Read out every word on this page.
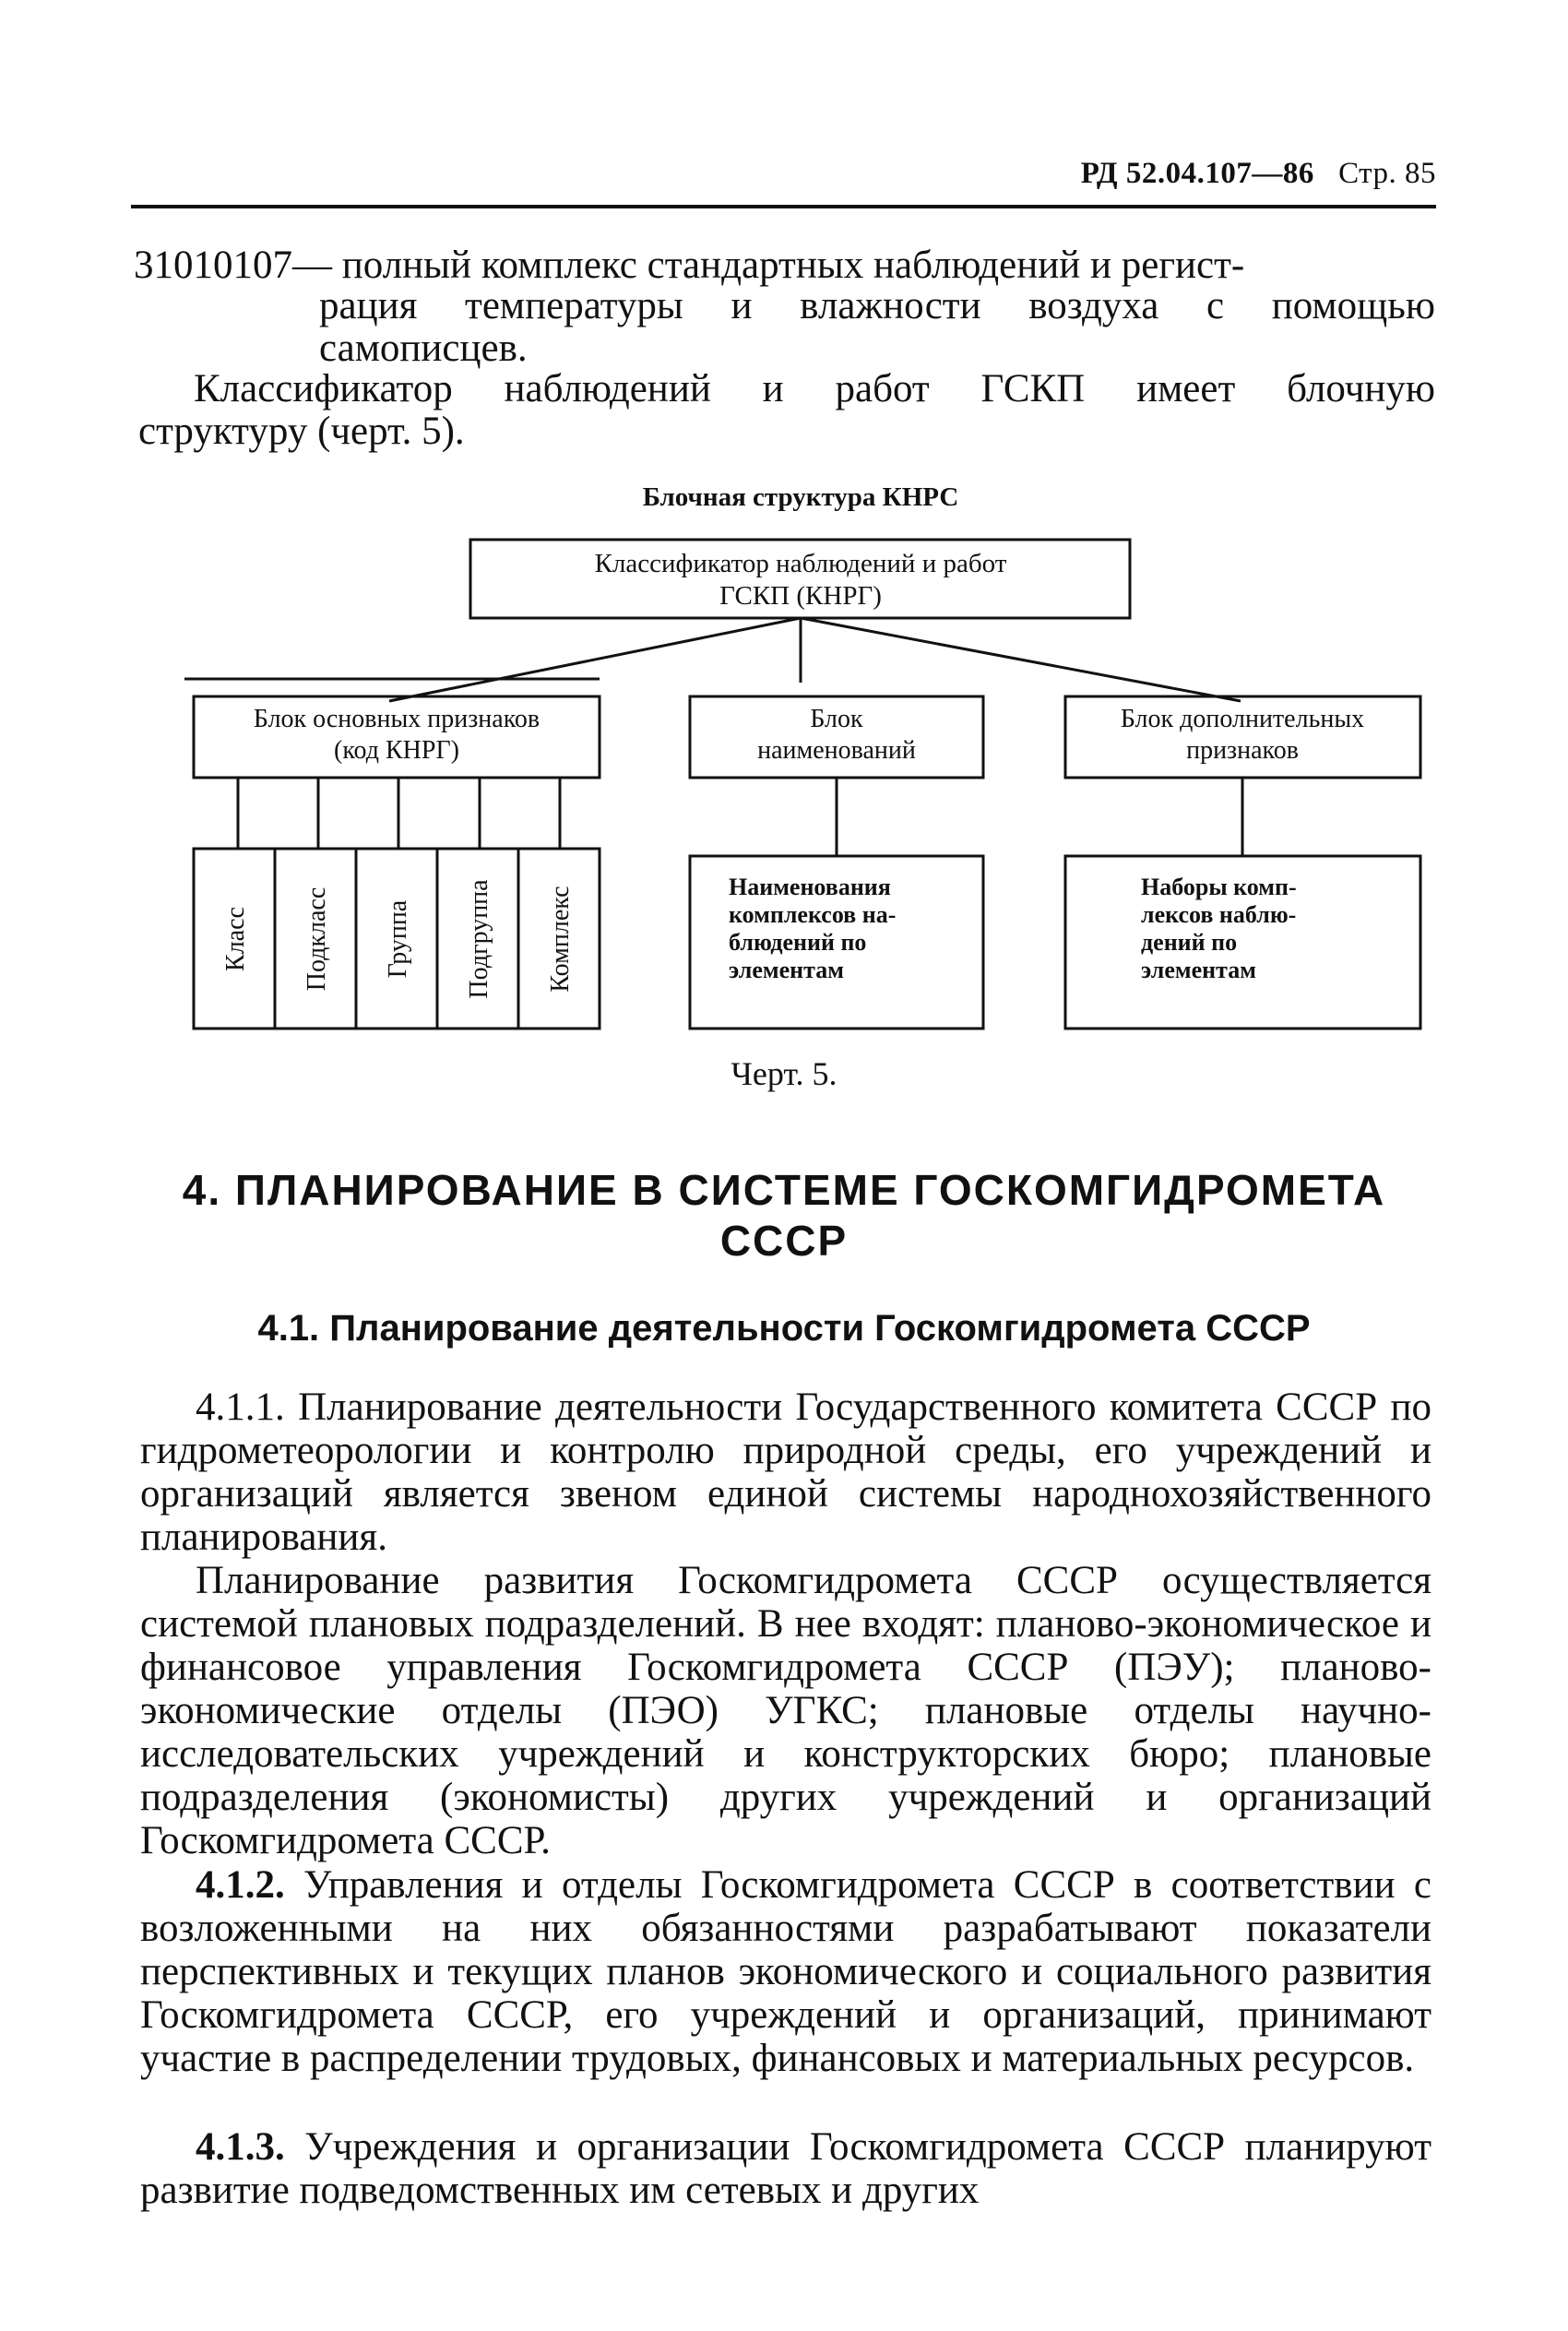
РД 52.04.107—86 Стр. 85
31010107— полный комплекс стандартных наблюдений и регист-
рация температуры и влажности воздуха с помощью
самописцев.
Классификатор наблюдений и работ ГСКП имеет блочную
структуру (черт. 5).
Блочная структура КНРС
Классификатор наблюдений и работ
ГСКП (КНРГ)
Блок основных признаков
(код КНРГ)
Блок
наименований
Блок дополнительных
признаков
Класс Подкласс Группа Подгруппа Комплекс	Наименования
комплексов на-
блюдений по
элементам
Наборы комп-
лексов наблю-
дений по
элементам
Черт. 5.
4. ПЛАНИРОВАНИЕ В СИСТЕМЕ ГОСКОМГИДРОМЕТА
СССР
4.1. Планирование деятельности Госкомгидромета СССР
4.1.1. Планирование деятельности Государственного комитета СССР по гидрометеорологии и контролю природной среды, его учреждений и организаций является звеном единой системы народнохозяйственного планирования.
Планирование развития Госкомгидромета СССР осуществляется системой плановых подразделений. В нее входят: планово-экономическое и финансовое управления Госкомгидромета СССР (ПЭУ); планово-экономические отделы (ПЭО) УГКС; плановые отделы научно-исследовательских учреждений и конструкторских бюро; плановые подразделения (экономисты) других учреждений и организаций Госкомгидромета СССР.
4.1.2. Управления и отделы Госкомгидромета СССР в соответствии с возложенными на них обязанностями разрабатывают показатели перспективных и текущих планов экономического и социального развития Госкомгидромета СССР, его учреждений и организаций, принимают участие в распределении трудовых, финансовых и материальных ресурсов.
4.1.3. Учреждения и организации Госкомгидромета СССР планируют развитие подведомственных им сетевых и других
